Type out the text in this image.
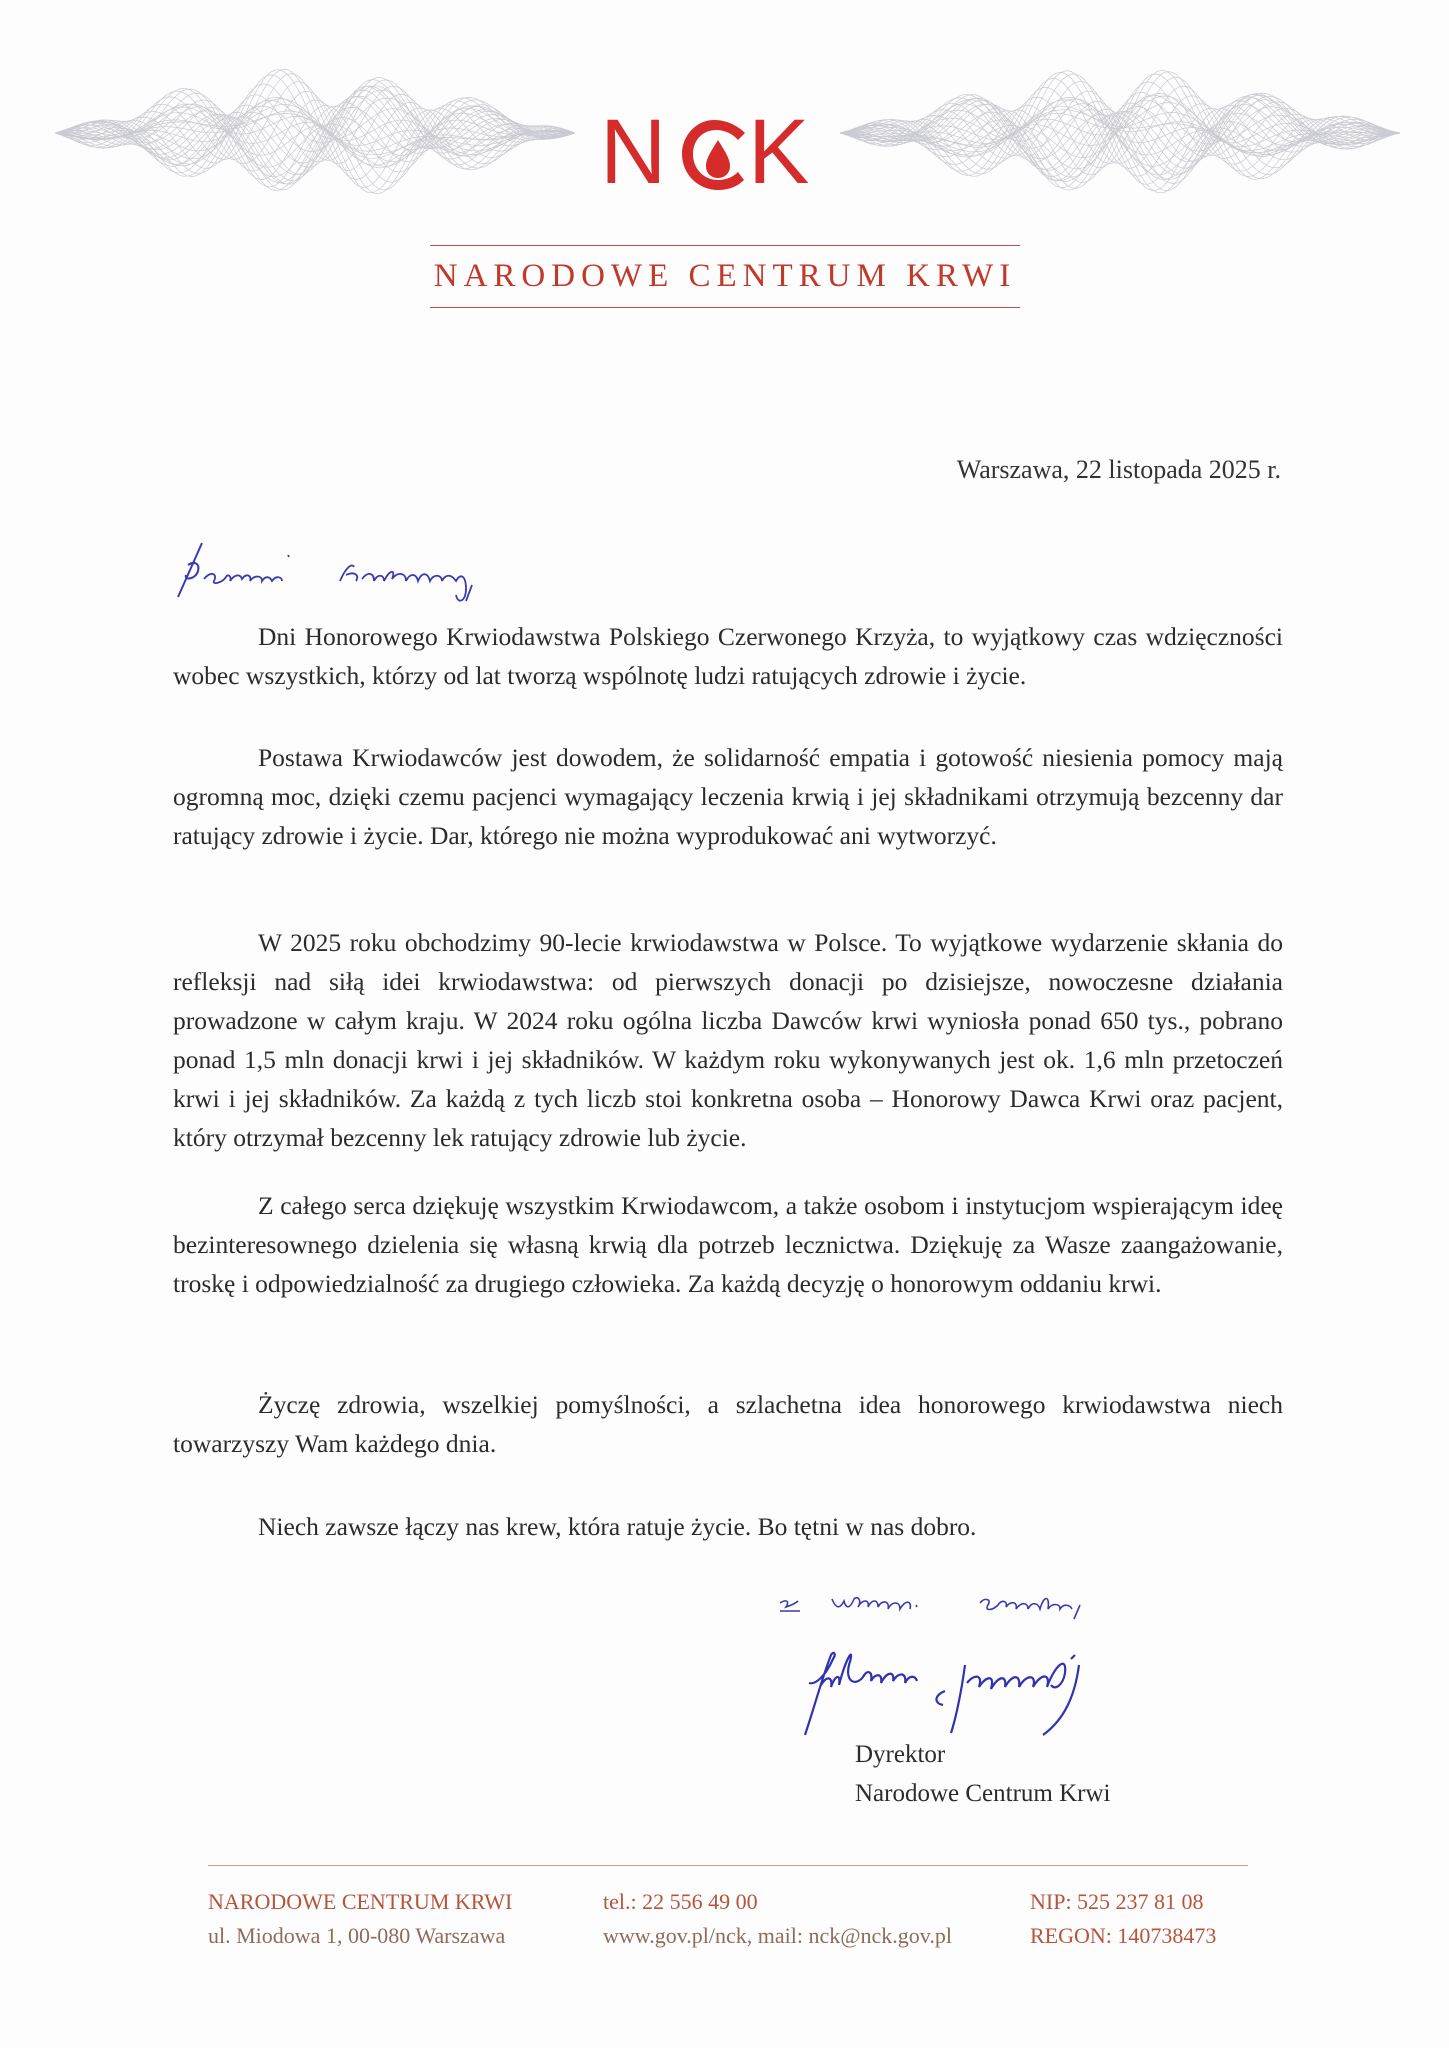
N K
NARODOWE CENTRUM KRWI
Warszawa, 22 listopada 2025 r.

Dni Honorowego Krwiodawstwa Polskiego Czerwonego Krzyża, to wyjątkowy czas wdzięczności wobec wszystkich, którzy od lat tworzą wspólnotę ludzi ratujących zdrowie i życie.

Postawa Krwiodawców jest dowodem, że solidarność empatia i gotowość niesienia pomocy mają ogromną moc, dzięki czemu pacjenci wymagający leczenia krwią i jej składnikami otrzymują bezcenny dar ratujący zdrowie i życie. Dar, którego nie można wyprodukować ani wytworzyć.

W 2025 roku obchodzimy 90-lecie krwiodawstwa w Polsce. To wyjątkowe wydarzenie skłania do refleksji nad siłą idei krwiodawstwa: od pierwszych donacji po dzisiejsze, nowoczesne działania prowadzone w całym kraju. W 2024 roku ogólna liczba Dawców krwi wyniosła ponad 650 tys., pobrano ponad 1,5 mln donacji krwi i jej składników. W każdym roku wykonywanych jest ok. 1,6 mln przetoczeń krwi i jej składników. Za każdą z tych liczb stoi konkretna osoba – Honorowy Dawca Krwi oraz pacjent, który otrzymał bezcenny lek ratujący zdrowie lub życie.

Z całego serca dziękuję wszystkim Krwiodawcom, a także osobom i instytucjom wspierającym ideę bezinteresownego dzielenia się własną krwią dla potrzeb lecznictwa. Dziękuję za Wasze zaangażowanie, troskę i odpowiedzialność za drugiego człowieka. Za każdą decyzję o honorowym oddaniu krwi.

Życzę zdrowia, wszelkiej pomyślności, a szlachetna idea honorowego krwiodawstwa niech towarzyszy Wam każdego dnia.

Niech zawsze łączy nas krew, która ratuje życie. Bo tętni w nas dobro.

Dyrektor
Narodowe Centrum Krwi
NARODOWE CENTRUM KRWI
ul. Miodowa 1, 00-080 Warszawa
tel.: 22 556 49 00
www.gov.pl/nck, mail: nck@nck.gov.pl
NIP: 525 237 81 08
REGON: 140738473
